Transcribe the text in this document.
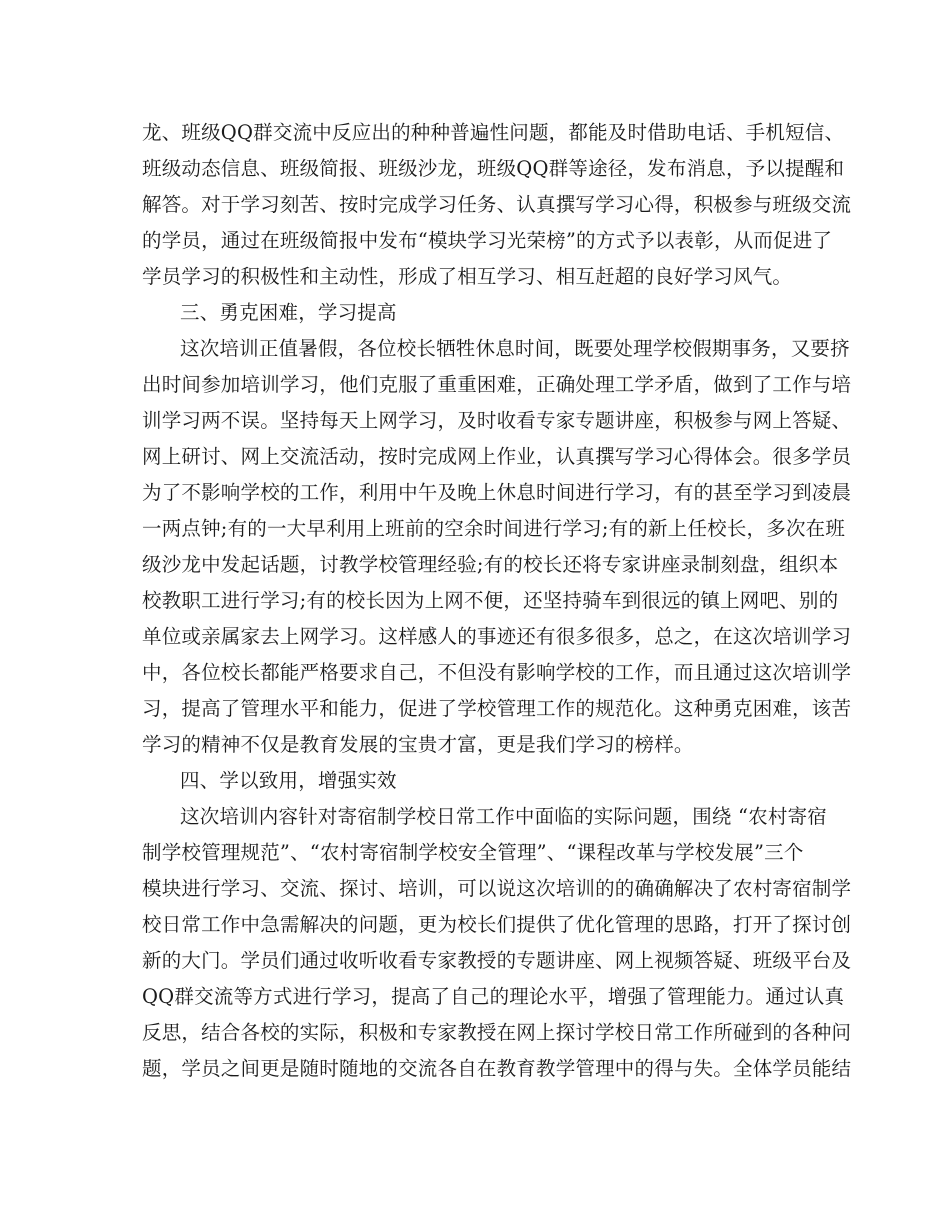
龙、班级QQ群交流中反应出的种种普遍性问题，都能及时借助电话、手机短信、
班级动态信息、班级简报、班级沙龙，班级QQ群等途径，发布消息，予以提醒和
解答。对于学习刻苦、按时完成学习任务、认真撰写学习心得，积极参与班级交流
的学员，通过在班级简报中发布“模块学习光荣榜”的方式予以表彰，从而促进了
学员学习的积极性和主动性，形成了相互学习、相互赶超的良好学习风气。
三、勇克困难，学习提高
这次培训正值暑假，各位校长牺牲休息时间，既要处理学校假期事务，又要挤
出时间参加培训学习，他们克服了重重困难，正确处理工学矛盾，做到了工作与培
训学习两不误。坚持每天上网学习，及时收看专家专题讲座，积极参与网上答疑、
网上研讨、网上交流活动，按时完成网上作业，认真撰写学习心得体会。很多学员
为了不影响学校的工作，利用中午及晚上休息时间进行学习，有的甚至学习到凌晨
一两点钟;有的一大早利用上班前的空余时间进行学习;有的新上任校长，多次在班
级沙龙中发起话题，讨教学校管理经验;有的校长还将专家讲座录制刻盘，组织本
校教职工进行学习;有的校长因为上网不便，还坚持骑车到很远的镇上网吧、别的
单位或亲属家去上网学习。这样感人的事迹还有很多很多，总之，在这次培训学习
中，各位校长都能严格要求自己，不但没有影响学校的工作，而且通过这次培训学
习，提高了管理水平和能力，促进了学校管理工作的规范化。这种勇克困难，该苦
学习的精神不仅是教育发展的宝贵才富，更是我们学习的榜样。
四、学以致用，增强实效
这次培训内容针对寄宿制学校日常工作中面临的实际问题，围绕 “农村寄宿
制学校管理规范”、“农村寄宿制学校安全管理”、“课程改革与学校发展”三个
模块进行学习、交流、探讨、培训，可以说这次培训的的确确解决了农村寄宿制学
校日常工作中急需解决的问题，更为校长们提供了优化管理的思路，打开了探讨创
新的大门。学员们通过收听收看专家教授的专题讲座、网上视频答疑、班级平台及
QQ群交流等方式进行学习，提高了自己的理论水平，增强了管理能力。通过认真
反思，结合各校的实际，积极和专家教授在网上探讨学校日常工作所碰到的各种问
题，学员之间更是随时随地的交流各自在教育教学管理中的得与失。全体学员能结
